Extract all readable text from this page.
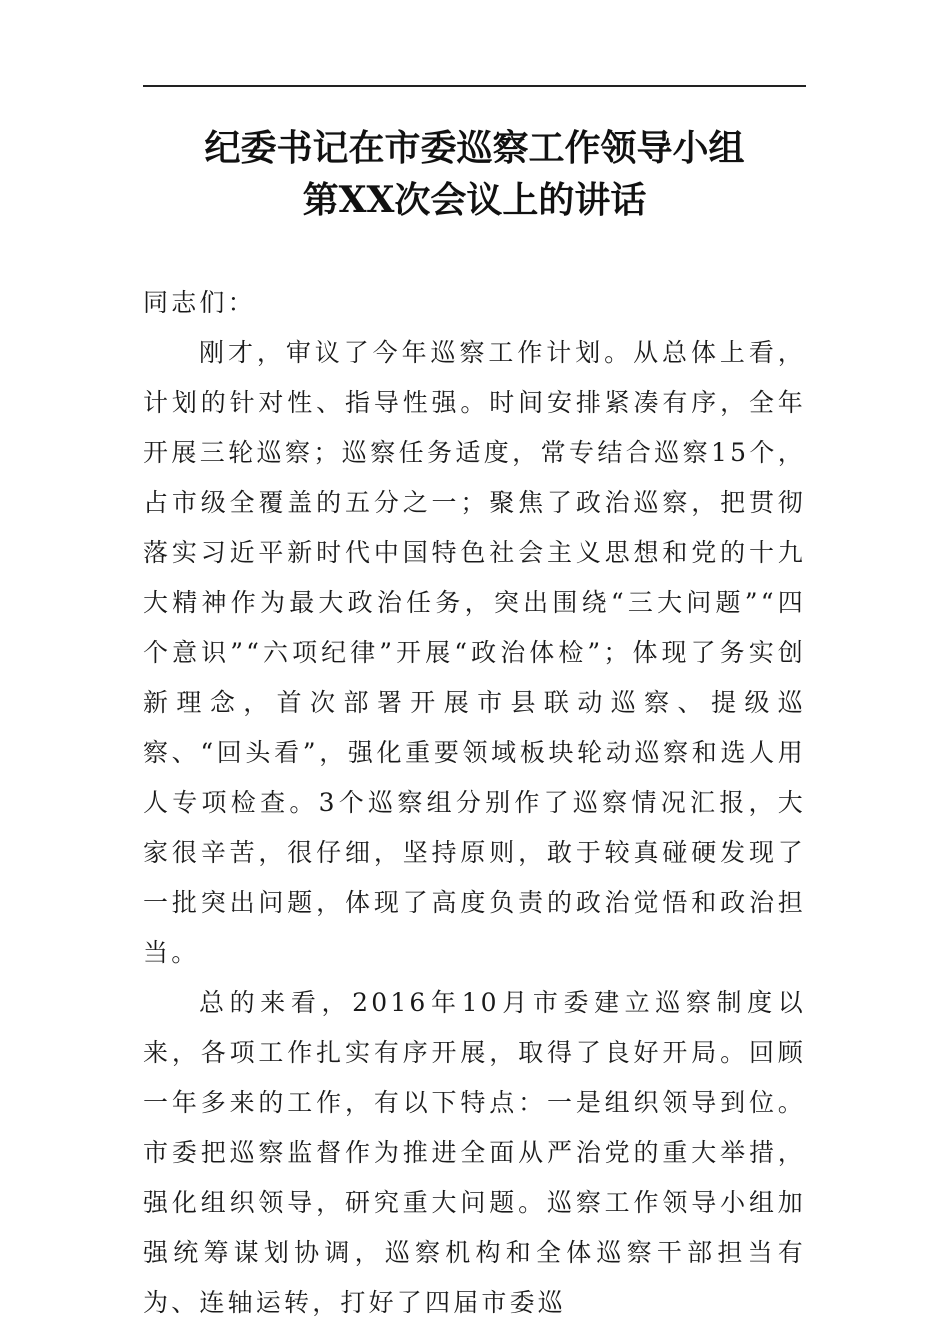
纪委书记在市委巡察工作领导小组
第XX次会议上的讲话

同志们：

刚才，审议了今年巡察工作计划。从总体上看，计划的针对性、指导性强。时间安排紧凑有序，全年开展三轮巡察；巡察任务适度，常专结合巡察15个，占市级全覆盖的五分之一；聚焦了政治巡察，把贯彻落实习近平新时代中国特色社会主义思想和党的十九大精神作为最大政治任务，突出围绕“三大问题”“四个意识”“六项纪律”开展“政治体检”；体现了务实创新理念，首次部署开展市县联动巡察、提级巡察、“回头看”，强化重要领域板块轮动巡察和选人用人专项检查。3个巡察组分别作了巡察情况汇报，大家很辛苦，很仔细，坚持原则，敢于较真碰硬发现了一批突出问题，体现了高度负责的政治觉悟和政治担当。

总的来看，2016年10月市委建立巡察制度以来，各项工作扎实有序开展，取得了良好开局。回顾一年多来的工作，有以下特点：一是组织领导到位。市委把巡察监督作为推进全面从严治党的重大举措，强化组织领导，研究重大问题。巡察工作领导小组加强统筹谋划协调，巡察机构和全体巡察干部担当有为、连轴运转，打好了四届市委巡
